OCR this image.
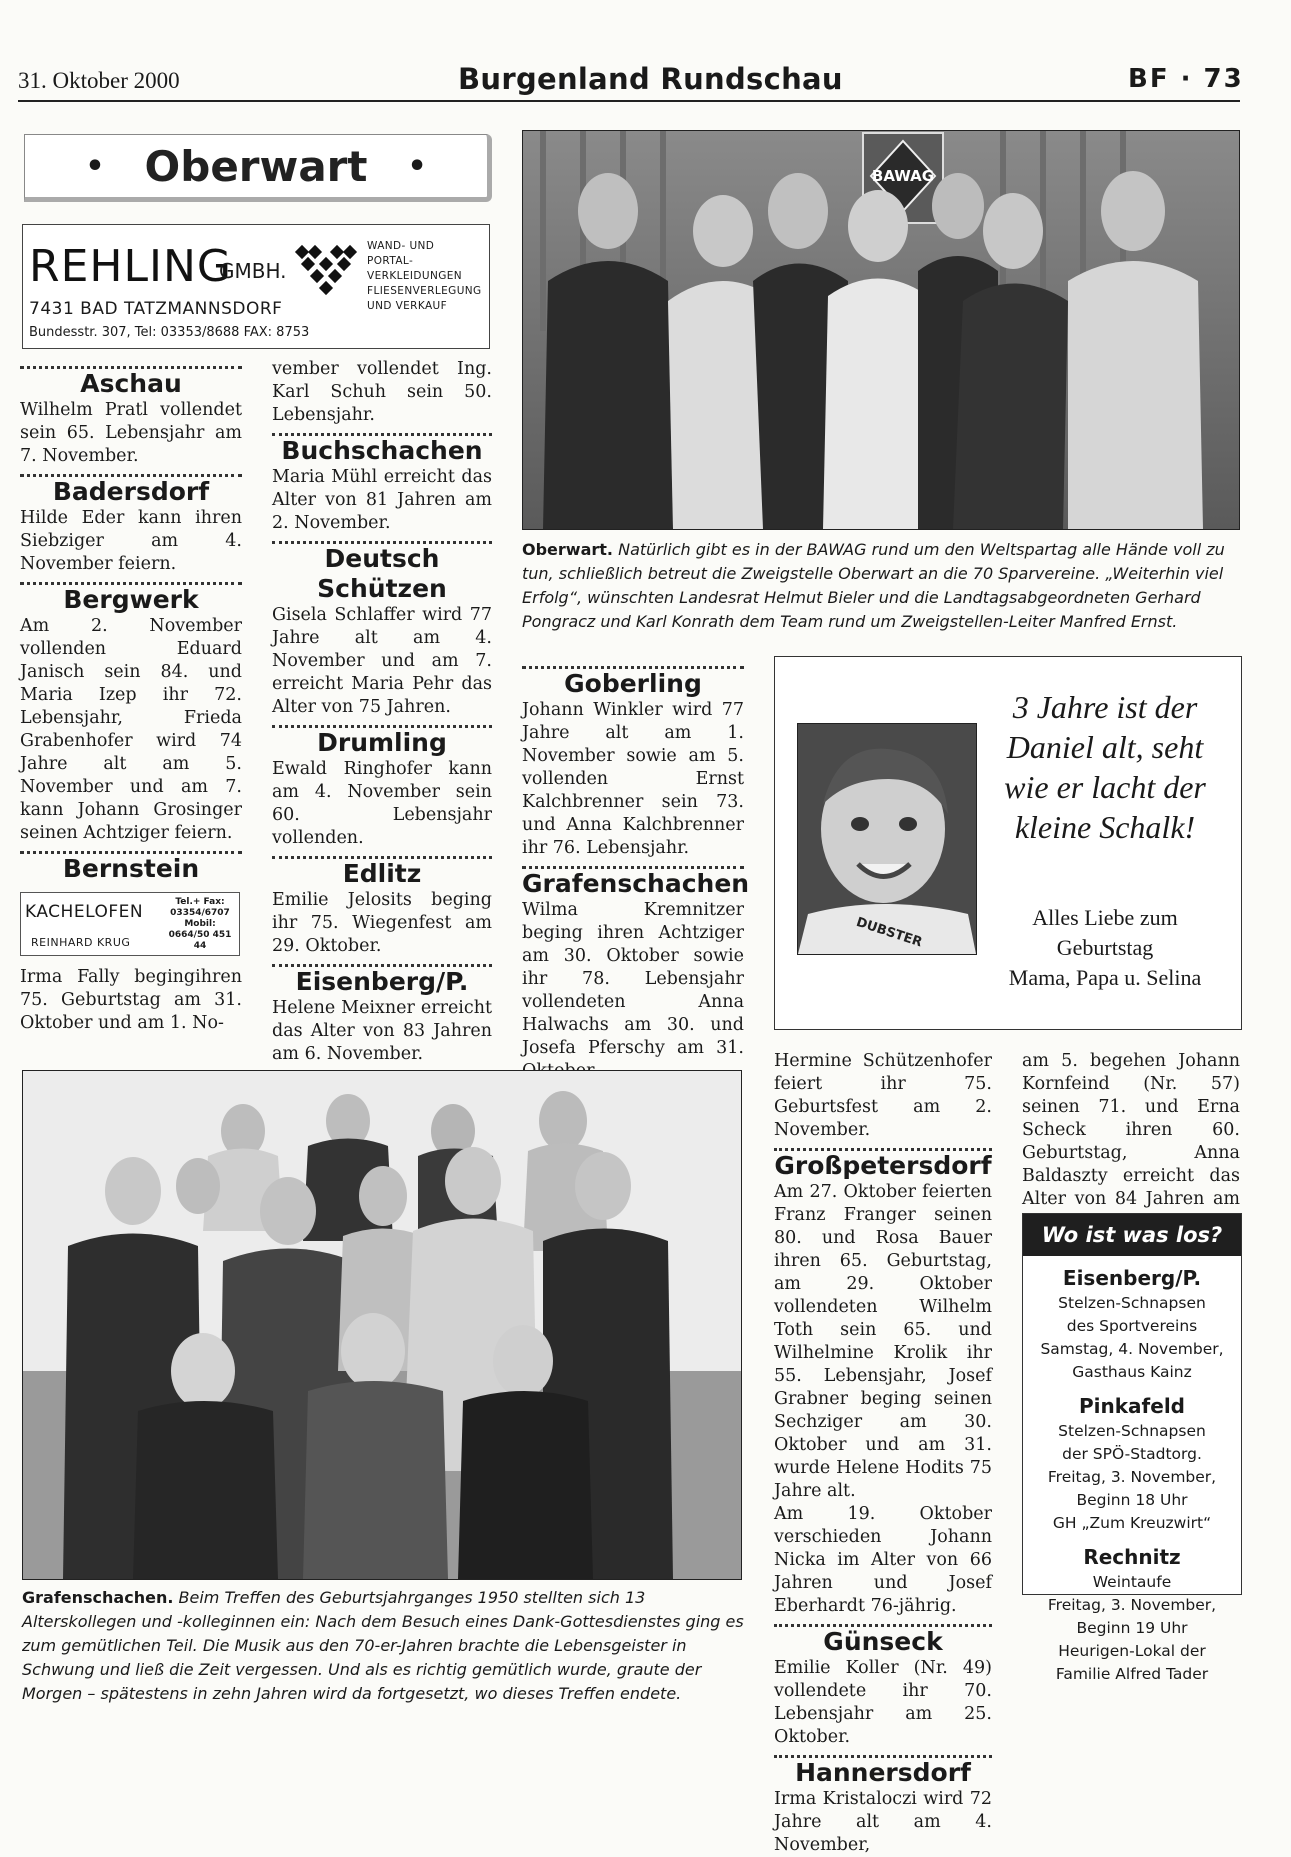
31. Oktober 2000	Burgenland Rundschau	BF · 73
• Oberwart •
REHLING
GMBH.
WAND- UND
PORTAL-
VERKLEIDUNGEN
FLIESENVERLEGUNG
UND VERKAUF
7431 BAD TATZMANNSDORF
Bundesstr. 307, Tel: 03353/8688 FAX: 8753
Aschau
Wilhelm Pratl vollendet sein 65. Lebensjahr am 7. November.
Badersdorf
Hilde Eder kann ihren Siebziger am 4. November feiern.
Bergwerk
Am 2. November vollenden Eduard Janisch sein 84. und Maria Izep ihr 72. Lebensjahr, Frieda Grabenhofer wird 74 Jahre alt am 5. November und am 7. kann Johann Grosinger seinen Achtziger feiern.
Bernstein
KACHELOFEN
REINHARD KRUG
Tel.+ Fax:
03354/6707
Mobil:
0664/50 451 44
Irma Fally begingihren 75. Geburtstag am 31. Oktober und am 1. No-
vember vollendet Ing. Karl Schuh sein 50. Lebensjahr.
Buchschachen
Maria Mühl erreicht das Alter von 81 Jahren am 2. November.
Deutsch Schützen
Gisela Schlaffer wird 77 Jahre alt am 4. November und am 7. erreicht Maria Pehr das Alter von 75 Jahren.
Drumling
Ewald Ringhofer kann am 4. November sein 60. Lebensjahr vollenden.
Edlitz
Emilie Jelosits beging ihr 75. Wiegenfest am 29. Oktober.
Eisenberg/P.
Helene Meixner erreicht das Alter von 83 Jahren am 6. November.
BAWAG
Oberwart. Natürlich gibt es in der BAWAG rund um den Weltspartag alle Hände voll zu tun, schließlich betreut die Zweigstelle Oberwart an die 70 Sparvereine. „Weiterhin viel Erfolg“, wünschten Landesrat Helmut Bieler und die Landtagsabgeordneten Gerhard Pongracz und Karl Konrath dem Team rund um Zweigstellen-Leiter Manfred Ernst.
Goberling
Johann Winkler wird 77 Jahre alt am 1. November sowie am 5. vollenden Ernst Kalchbrenner sein 73. und Anna Kalchbrenner ihr 76. Lebensjahr.
Grafenschachen
Wilma Kremnitzer beging ihren Achtziger am 30. Oktober sowie ihr 78. Lebensjahr vollendeten Anna Halwachs am 30. und Josefa Pferschy am 31.
DUBSTER
3 Jahre ist der Daniel alt, seht wie er lacht der kleine Schalk!
Alles Liebe zum
Geburtstag
Mama, Papa u. Selina
Grafenschachen. Beim Treffen des Geburtsjahrganges 1950 stellten sich 13 Alterskollegen und -kolleginnen ein: Nach dem Besuch eines Dank-Gottesdienstes ging es zum gemütlichen Teil. Die Musik aus den 70-er-Jahren brachte die Lebensgeister in Schwung und ließ die Zeit vergessen. Und als es richtig gemütlich wurde, graute der Morgen – spätestens in zehn Jahren wird da fortgesetzt, wo dieses Treffen endete.
Hermine Schützenhofer feiert ihr 75. Geburtsfest am 2. November.
Großpetersdorf
Am 27. Oktober feierten Franz Franger seinen 80. und Rosa Bauer ihren 65. Geburtstag, am 29. Oktober vollendeten Wilhelm Toth sein 65. und Wilhelmine Krolik ihr 55. Lebensjahr, Josef Grabner beging seinen Sechziger am 30. Oktober und am 31. wurde Helene Hodits 75 Jahre alt.
Am 19. Oktober verschieden Johann Nicka im Alter von 66 Jahren und Josef Eberhardt 76-jährig.
Günseck
Emilie Koller (Nr. 49) vollendete ihr 70. Lebensjahr am 25. Oktober.
Hannersdorf
Irma Kristaloczi wird 72 Jahre alt am 4. November,
am 5. begehen Johann Kornfeind (Nr. 57) seinen 71. und Erna Scheck ihren 60. Geburtstag, Anna Baldaszty erreicht das Alter von 84 Jahren am
Wo ist was los?
Eisenberg/P.
Stelzen-Schnapsen
des Sportvereins
Samstag, 4. November,
Gasthaus Kainz
Pinkafeld
Stelzen-Schnapsen
der SPÖ-Stadtorg.
Freitag, 3. November,
Beginn 18 Uhr
GH „Zum Kreuzwirt“
Rechnitz
Weintaufe
Freitag, 3. November,
Beginn 19 Uhr
Heurigen-Lokal der
Familie Alfred Tader
